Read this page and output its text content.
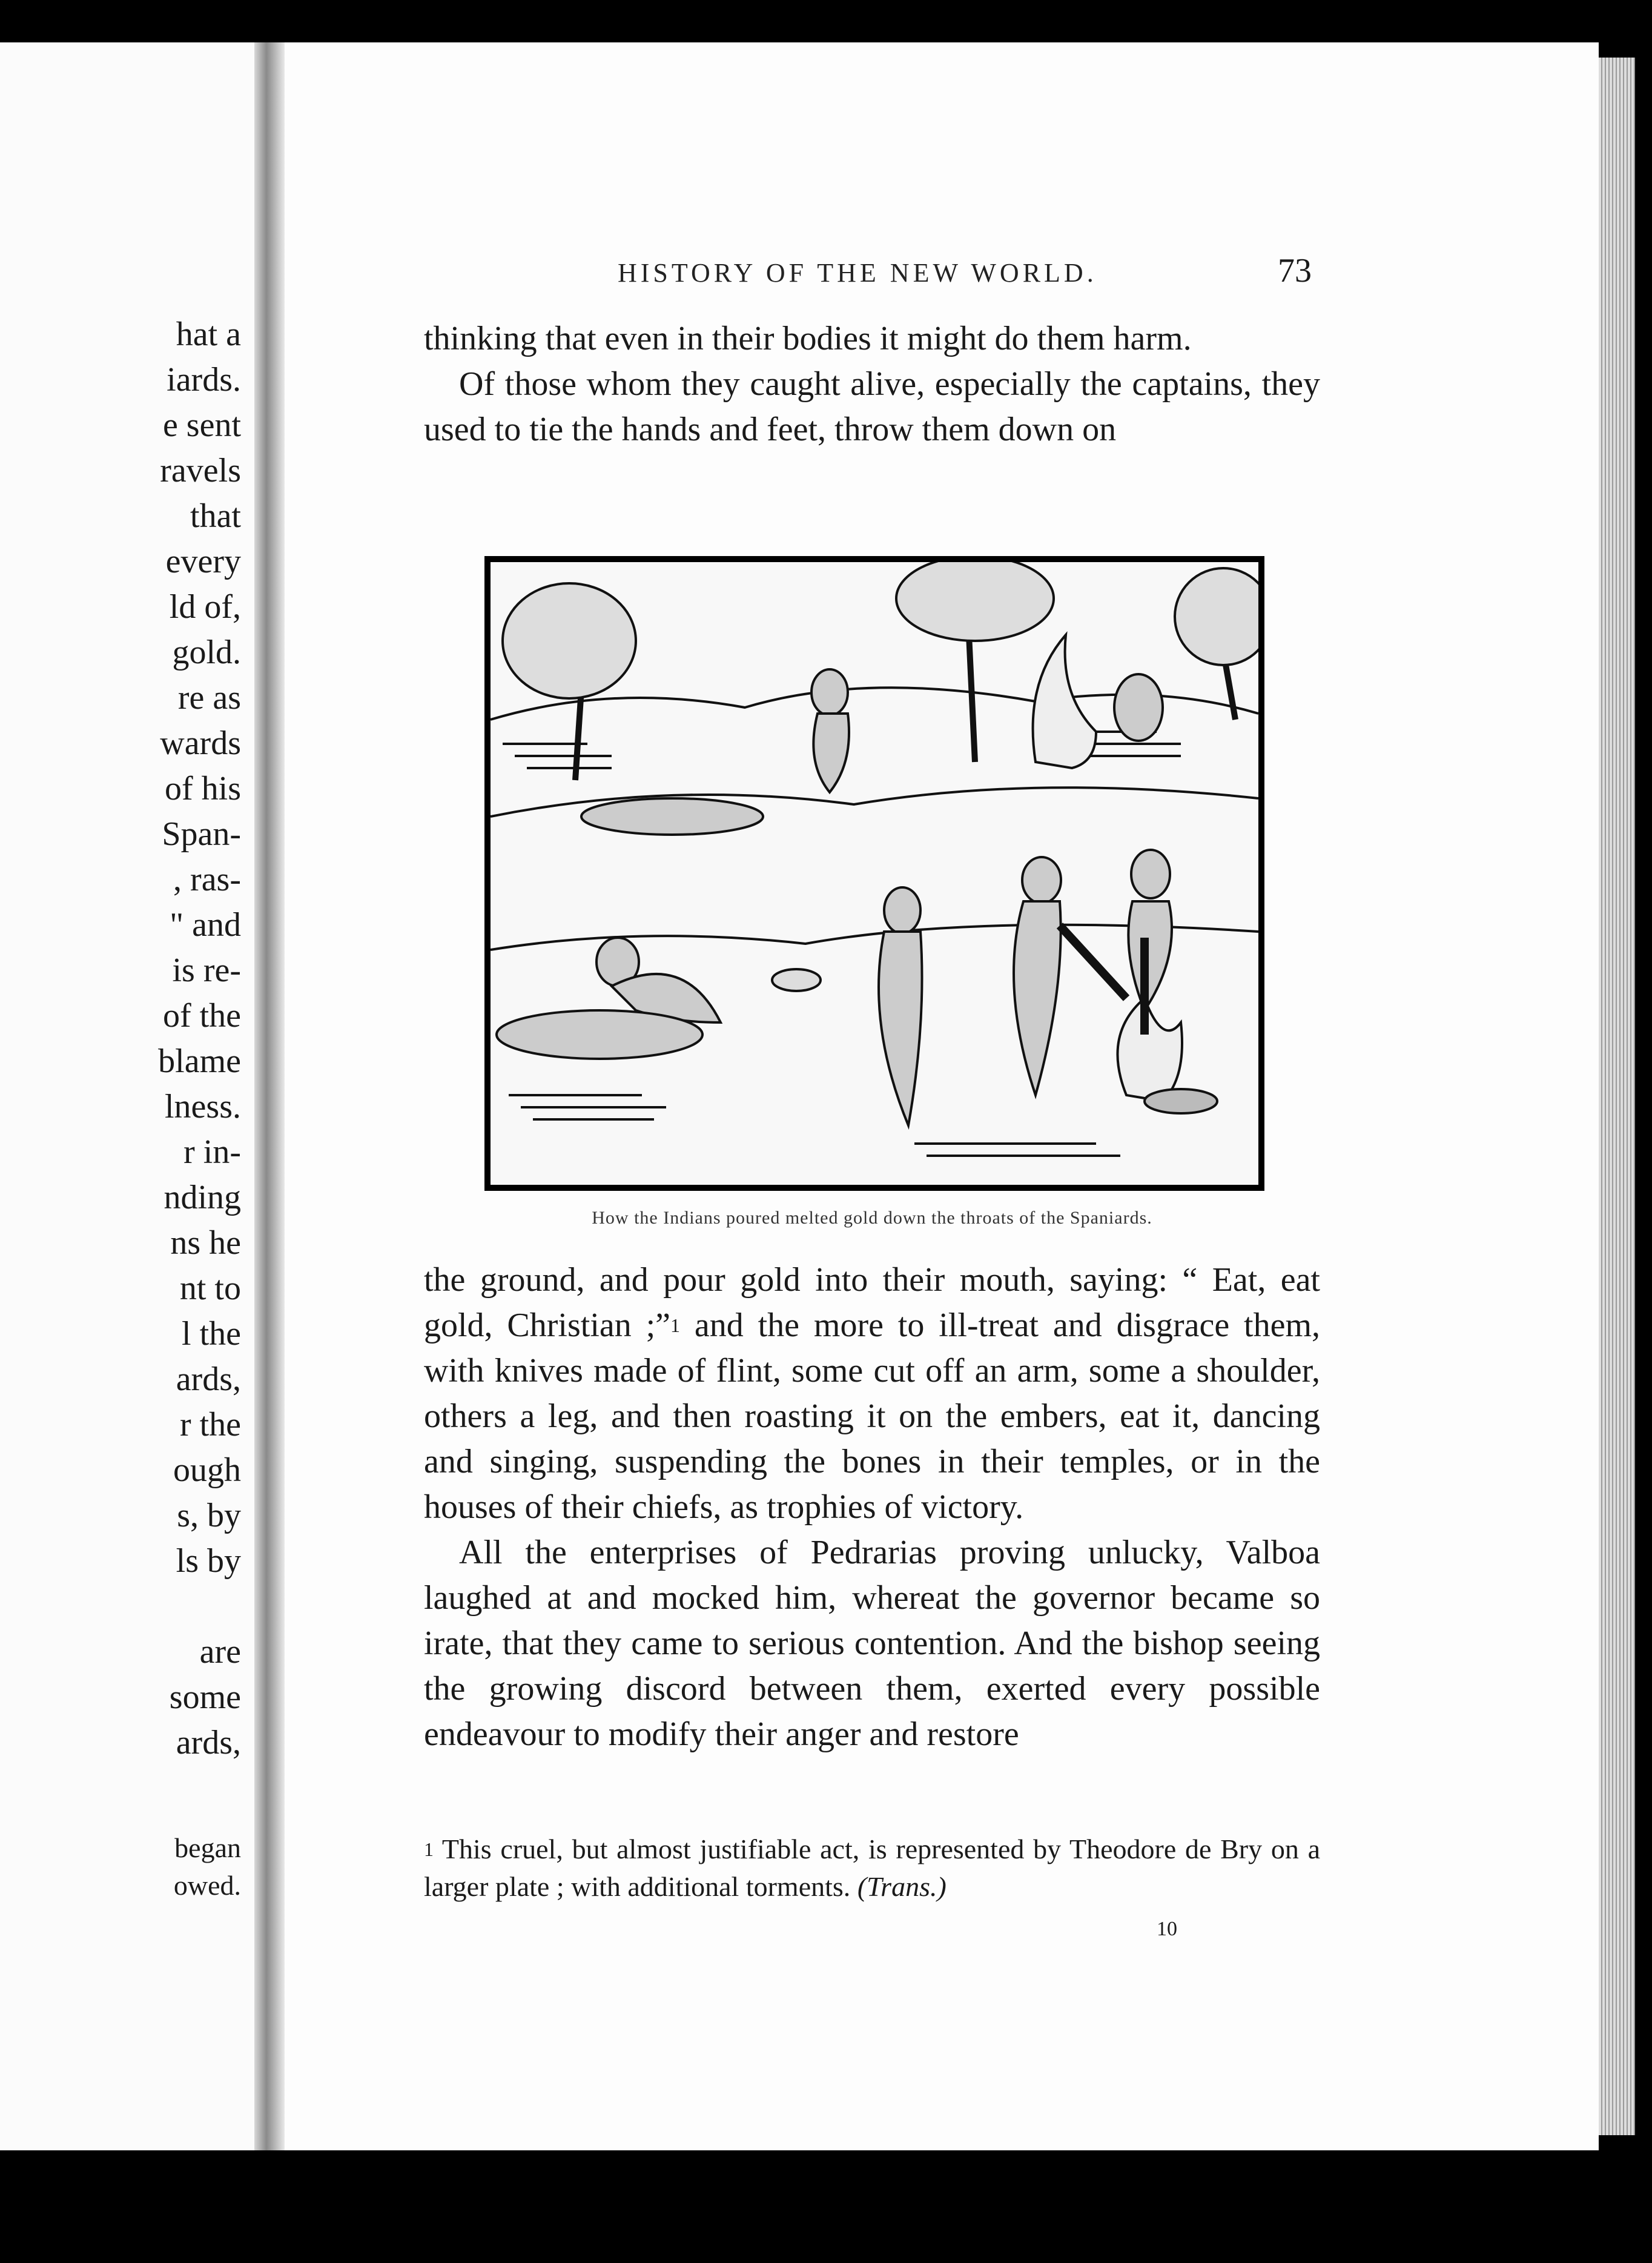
hat a
iards.
e sent
ravels
that
every
ld of,
gold.
re as
wards
of his
Span-
, ras-
" and
is re-
of the
blame
lness.
r in-
nding
ns he
nt to
l the
ards,
r the
ough
s, by
ls by

are
some
ards,
began
owed.
HISTORY OF THE NEW WORLD.	73

thinking that even in their bodies it might do them harm.

Of those whom they caught alive, especially the captains, they used to tie the hands and feet, throw them down on

How the Indians poured melted gold down the throats of the Spaniards.

the ground, and pour gold into their mouth, saying: “ Eat, eat gold, Christian ;”$^1$ and the more to ill-treat and disgrace them, with knives made of flint, some cut off an arm, some a shoulder, others a leg, and then roasting it on the embers, eat it, dancing and singing, suspending the bones in their temples, or in the houses of their chiefs, as trophies of victory.

All the enterprises of Pedrarias proving unlucky, Valboa laughed at and mocked him, whereat the governor became so irate, that they came to serious contention. And the bishop seeing the growing discord between them, exerted every possible endeavour to modify their anger and restore

$^1$ This cruel, but almost justifiable act, is represented by Theodore de Bry on a larger plate ; with additional torments. (Trans.)
10
